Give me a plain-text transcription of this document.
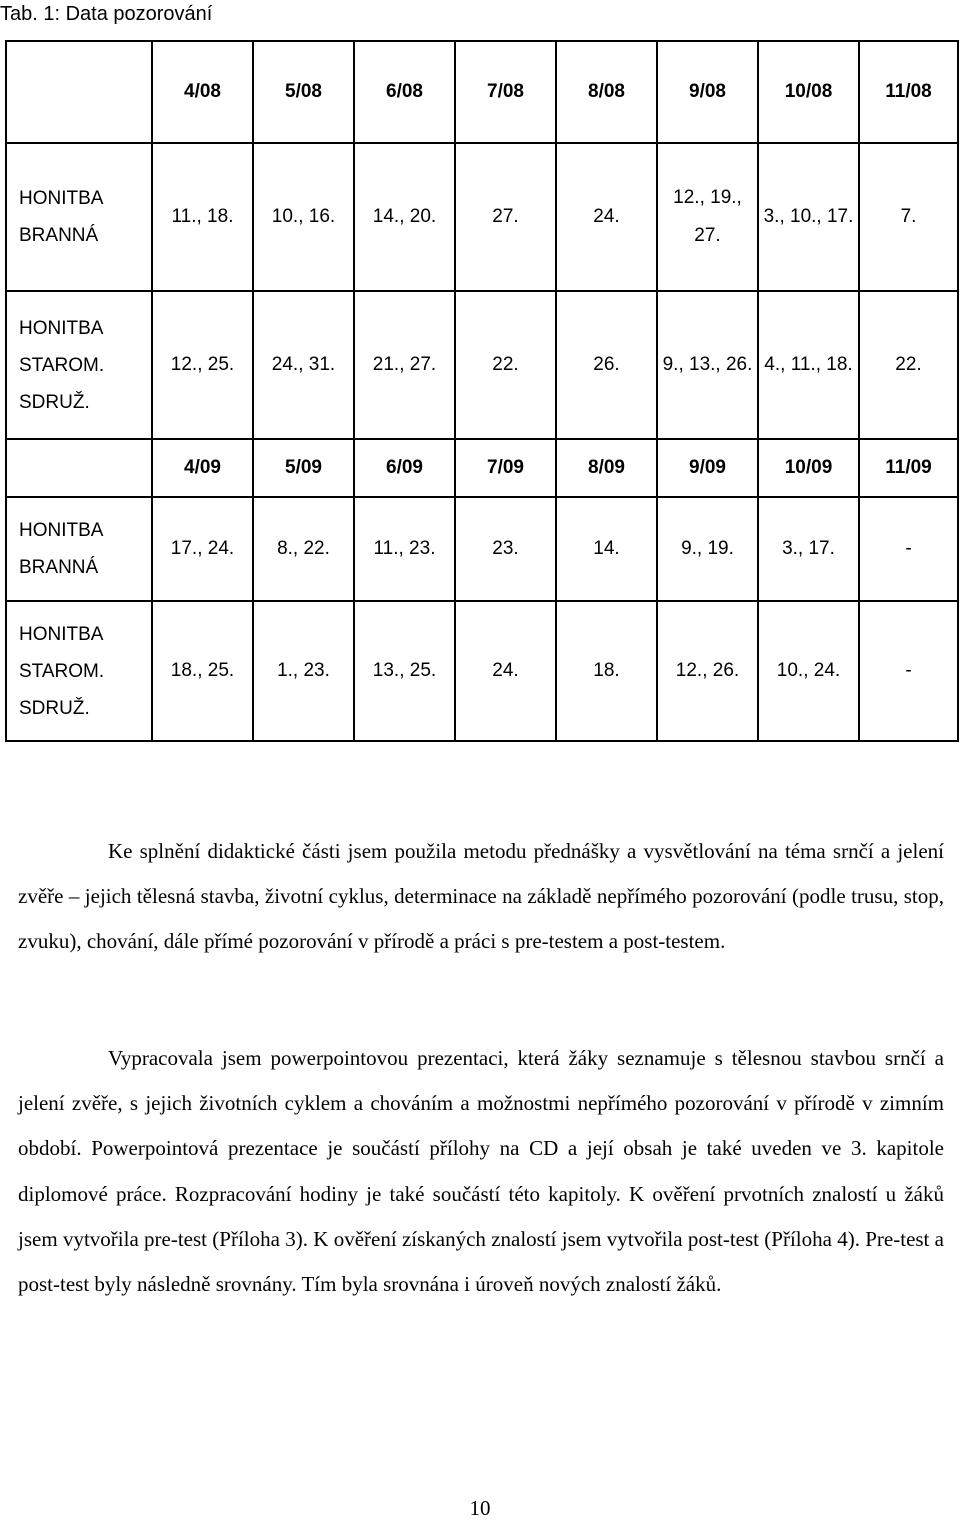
Tab. 1: Data pozorování
	4/08	5/08	6/08	7/08	8/08	9/08	10/08	11/08
HONITBA
BRANNÁ	11., 18.	10., 16.	14., 20.	27.	24.	12., 19., 27.	3., 10., 17.	7.
HONITBA
STAROM.
SDRUŽ.	12., 25.	24., 31.	21., 27.	22.	26.	9., 13., 26.	4., 11., 18.	22.
	4/09	5/09	6/09	7/09	8/09	9/09	10/09	11/09
HONITBA
BRANNÁ	17., 24.	8., 22.	11., 23.	23.	14.	9., 19.	3., 17.	-
HONITBA
STAROM.
SDRUŽ.	18., 25.	1., 23.	13., 25.	24.	18.	12., 26.	10., 24.	-

Ke splnění didaktické části jsem použila metodu přednášky a vysvětlování na téma srnčí a jelení zvěře – jejich tělesná stavba, životní cyklus, determinace na základě nepřímého pozorování (podle trusu, stop, zvuku), chování, dále přímé pozorování v přírodě a práci s pre-testem a post-testem.

Vypracovala jsem powerpointovou prezentaci, která žáky seznamuje s tělesnou stavbou srnčí a jelení zvěře, s jejich životních cyklem a chováním a možnostmi nepřímého pozorování v přírodě v zimním období. Powerpointová prezentace je součástí přílohy na CD a její obsah je také uveden ve 3. kapitole diplomové práce. Rozpracování hodiny je také součástí této kapitoly. K ověření prvotních znalostí u žáků jsem vytvořila pre-test (Příloha 3). K ověření získaných znalostí jsem vytvořila post-test (Příloha 4). Pre-test a post-test byly následně srovnány. Tím byla srovnána i úroveň nových znalostí žáků.

10
